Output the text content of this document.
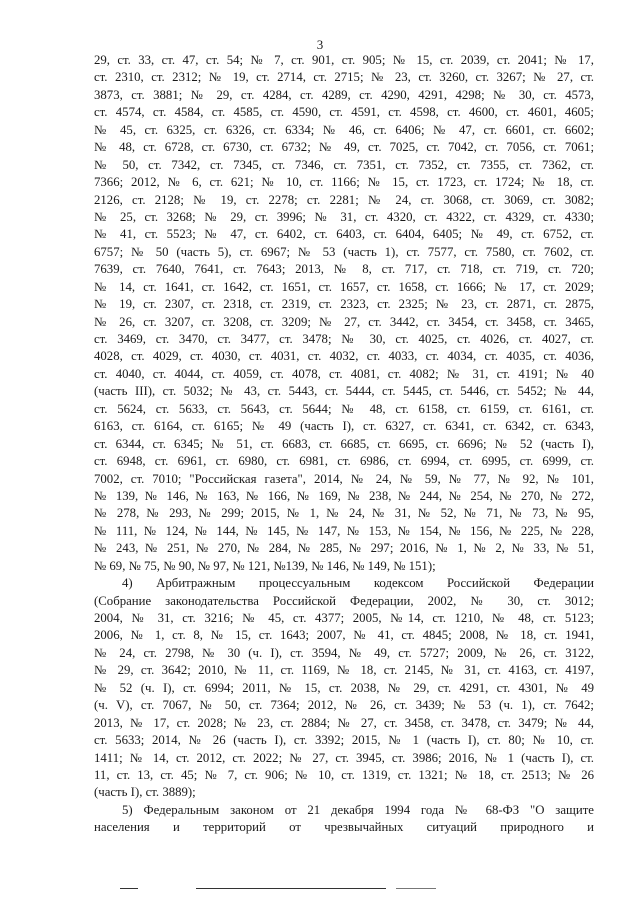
3
29, ст. 33, ст. 47, ст. 54; № 7, ст. 901, ст. 905; № 15, ст. 2039, ст. 2041; № 17,
ст. 2310, ст. 2312; № 19, ст. 2714, ст. 2715; № 23, ст. 3260, ст. 3267; № 27, ст.
3873, ст. 3881; № 29, ст. 4284, ст. 4289, ст. 4290, 4291, 4298; № 30, ст. 4573,
ст. 4574, ст. 4584, ст. 4585, ст. 4590, ст. 4591, ст. 4598, ст. 4600, ст. 4601, 4605;
№ 45, ст. 6325, ст. 6326, ст. 6334; № 46, ст. 6406; № 47, ст. 6601, ст. 6602;
№ 48, ст. 6728, ст. 6730, ст. 6732; № 49, ст. 7025, ст. 7042, ст. 7056, ст. 7061;
№ 50, ст. 7342, ст. 7345, ст. 7346, ст. 7351, ст. 7352, ст. 7355, ст. 7362, ст.
7366; 2012, № 6, ст. 621; № 10, ст. 1166; № 15, ст. 1723, ст. 1724; № 18, ст.
2126, ст. 2128; № 19, ст. 2278; ст. 2281; № 24, ст. 3068, ст. 3069, ст. 3082;
№ 25, ст. 3268; № 29, ст. 3996; № 31, ст. 4320, ст. 4322, ст. 4329, ст. 4330;
№ 41, ст. 5523; № 47, ст. 6402, ст. 6403, ст. 6404, 6405; № 49, ст. 6752, ст.
6757; № 50 (часть 5), ст. 6967; № 53 (часть 1), ст. 7577, ст. 7580, ст. 7602, ст.
7639, ст. 7640, 7641, ст. 7643; 2013, № 8, ст. 717, ст. 718, ст. 719, ст. 720;
№ 14, ст. 1641, ст. 1642, ст. 1651, ст. 1657, ст. 1658, ст. 1666; № 17, ст. 2029;
№ 19, ст. 2307, ст. 2318, ст. 2319, ст. 2323, ст. 2325; № 23, ст. 2871, ст. 2875,
№ 26, ст. 3207, ст. 3208, ст. 3209; № 27, ст. 3442, ст. 3454, ст. 3458, ст. 3465,
ст. 3469, ст. 3470, ст. 3477, ст. 3478; № 30, ст. 4025, ст. 4026, ст. 4027, ст.
4028, ст. 4029, ст. 4030, ст. 4031, ст. 4032, ст. 4033, ст. 4034, ст. 4035, ст. 4036,
ст. 4040, ст. 4044, ст. 4059, ст. 4078, ст. 4081, ст. 4082; № 31, ст. 4191; № 40
(часть III), ст. 5032; № 43, ст. 5443, ст. 5444, ст. 5445, ст. 5446, ст. 5452; № 44,
ст. 5624, ст. 5633, ст. 5643, ст. 5644; № 48, ст. 6158, ст. 6159, ст. 6161, ст.
6163, ст. 6164, ст. 6165; № 49 (часть I), ст. 6327, ст. 6341, ст. 6342, ст. 6343,
ст. 6344, ст. 6345; № 51, ст. 6683, ст. 6685, ст. 6695, ст. 6696; № 52 (часть I),
ст. 6948, ст. 6961, ст. 6980, ст. 6981, ст. 6986, ст. 6994, ст. 6995, ст. 6999, ст.
7002, ст. 7010; "Российская газета", 2014, № 24, № 59, № 77, № 92, № 101,
№ 139, № 146, № 163, № 166, № 169, № 238, № 244, № 254, № 270, № 272,
№ 278, № 293, № 299; 2015, № 1, № 24, № 31, № 52, № 71, № 73, № 95,
№ 111, № 124, № 144, № 145, № 147, № 153, № 154, № 156, № 225, № 228,
№ 243, № 251, № 270, № 284, № 285, № 297; 2016, № 1, № 2, № 33, № 51,
№ 69, № 75, № 90, № 97, № 121, №139, № 146, № 149, № 151);
4) Арбитражным процессуальным кодексом Российской Федерации
(Собрание законодательства Российской Федерации, 2002, № 30, ст. 3012;
2004, № 31, ст. 3216; № 45, ст. 4377; 2005, №14, ст. 1210, № 48, ст. 5123;
2006, № 1, ст. 8, № 15, ст. 1643; 2007, № 41, ст. 4845; 2008, № 18, ст. 1941,
№ 24, ст. 2798, № 30 (ч. I), ст. 3594, № 49, ст. 5727; 2009, № 26, ст. 3122,
№ 29, ст. 3642; 2010, № 11, ст. 1169, № 18, ст. 2145, № 31, ст. 4163, ст. 4197,
№ 52 (ч. I), ст. 6994; 2011, № 15, ст. 2038, № 29, ст. 4291, ст. 4301, № 49
(ч. V), ст. 7067, № 50, ст. 7364; 2012, № 26, ст. 3439; № 53 (ч. 1), ст. 7642;
2013, № 17, ст. 2028; № 23, ст. 2884; № 27, ст. 3458, ст. 3478, ст. 3479; № 44,
ст. 5633; 2014, № 26 (часть I), ст. 3392; 2015, № 1 (часть I), ст. 80; № 10, ст.
1411; № 14, ст. 2012, ст. 2022; № 27, ст. 3945, ст. 3986; 2016, № 1 (часть I), ст.
11, ст. 13, ст. 45; № 7, ст. 906; № 10, ст. 1319, ст. 1321; № 18, ст. 2513; № 26
(часть I), ст. 3889);
5) Федеральным законом от 21 декабря 1994 года № 68-ФЗ "О защите
населения и территорий от чрезвычайных ситуаций природного и
